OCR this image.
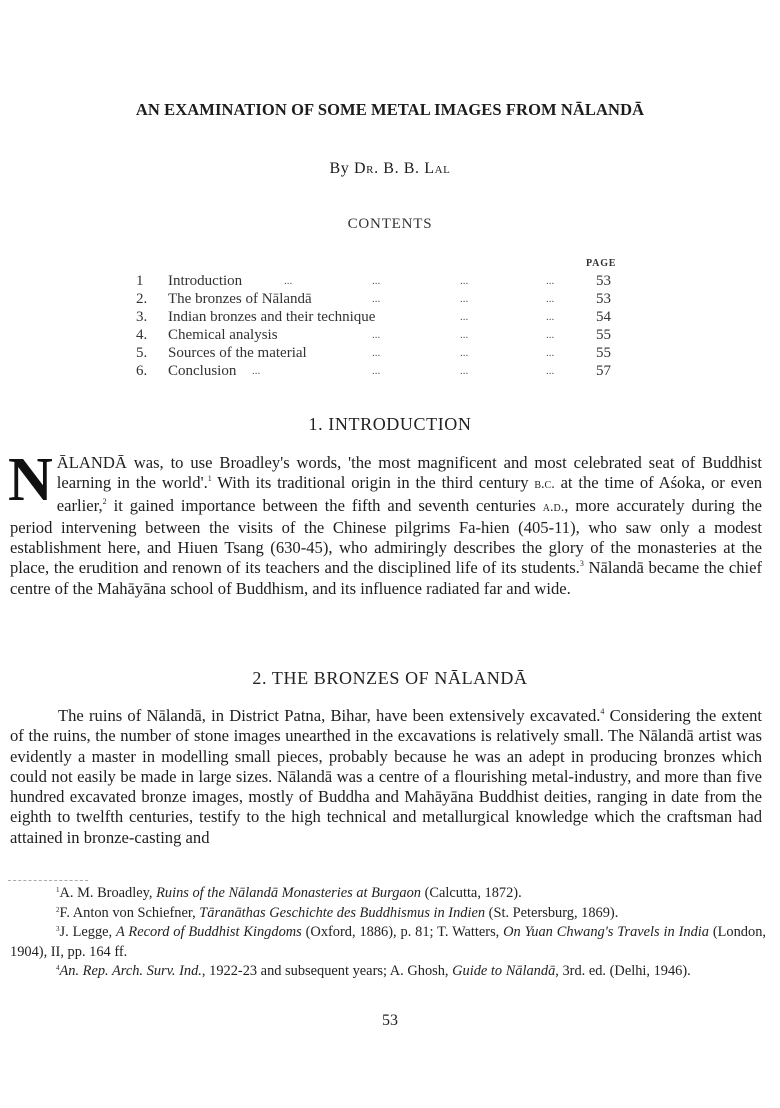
AN EXAMINATION OF SOME METAL IMAGES FROM NĀLANDĀ
By Dr. B. B. Lal
CONTENTS
PAGE
1 Introduction	...	...	...	...	53
2. The bronzes of Nālandā	...	...	...	53
3. Indian bronzes and their technique	...	...	54
4. Chemical analysis	...	...	...	55
5. Sources of the material	...	...	...	55
6. Conclusion ...	...	...	...	57
1. INTRODUCTION
NĀLANDĀ was, to use Broadley's words, 'the most magnificent and most celebrated seat of Buddhist learning in the world'.$^1$ With its traditional origin in the third century b.c. at the time of Aśoka, or even earlier,$^2$ it gained importance between the fifth and seventh centuries a.d., more accurately during the period intervening between the visits of the Chinese pilgrims Fa-hien (405-11), who saw only a modest establishment here, and Hiuen Tsang (630-45), who admiringly describes the glory of the monasteries at the place, the erudition and renown of its teachers and the disciplined life of its students.$^3$ Nālandā became the chief centre of the Mahāyāna school of Buddhism, and its influence radiated far and wide.
2. THE BRONZES OF NĀLANDĀ
The ruins of Nālandā, in District Patna, Bihar, have been extensively excavated.$^4$ Considering the extent of the ruins, the number of stone images unearthed in the excavations is relatively small. The Nālandā artist was evidently a master in modelling small pieces, probably because he was an adept in producing bronzes which could not easily be made in large sizes. Nālandā was a centre of a flourishing metal-industry, and more than five hundred excavated bronze images, mostly of Buddha and Mahāyāna Buddhist deities, ranging in date from the eighth to twelfth centuries, testify to the high technical and metallurgical knowledge which the craftsman had attained in bronze-casting and
$^1$A. M. Broadley, Ruins of the Nālandā Monasteries at Burgaon (Calcutta, 1872).
$^2$F. Anton von Schiefner, Tāranāthas Geschichte des Buddhismus in Indien (St. Petersburg, 1869).
$^3$J. Legge, A Record of Buddhist Kingdoms (Oxford, 1886), p. 81; T. Watters, On Yuan Chwang's Travels in India (London, 1904), II, pp. 164 ff.
$^4$An. Rep. Arch. Surv. Ind., 1922-23 and subsequent years; A. Ghosh, Guide to Nālandā, 3rd. ed. (Delhi, 1946).
53
